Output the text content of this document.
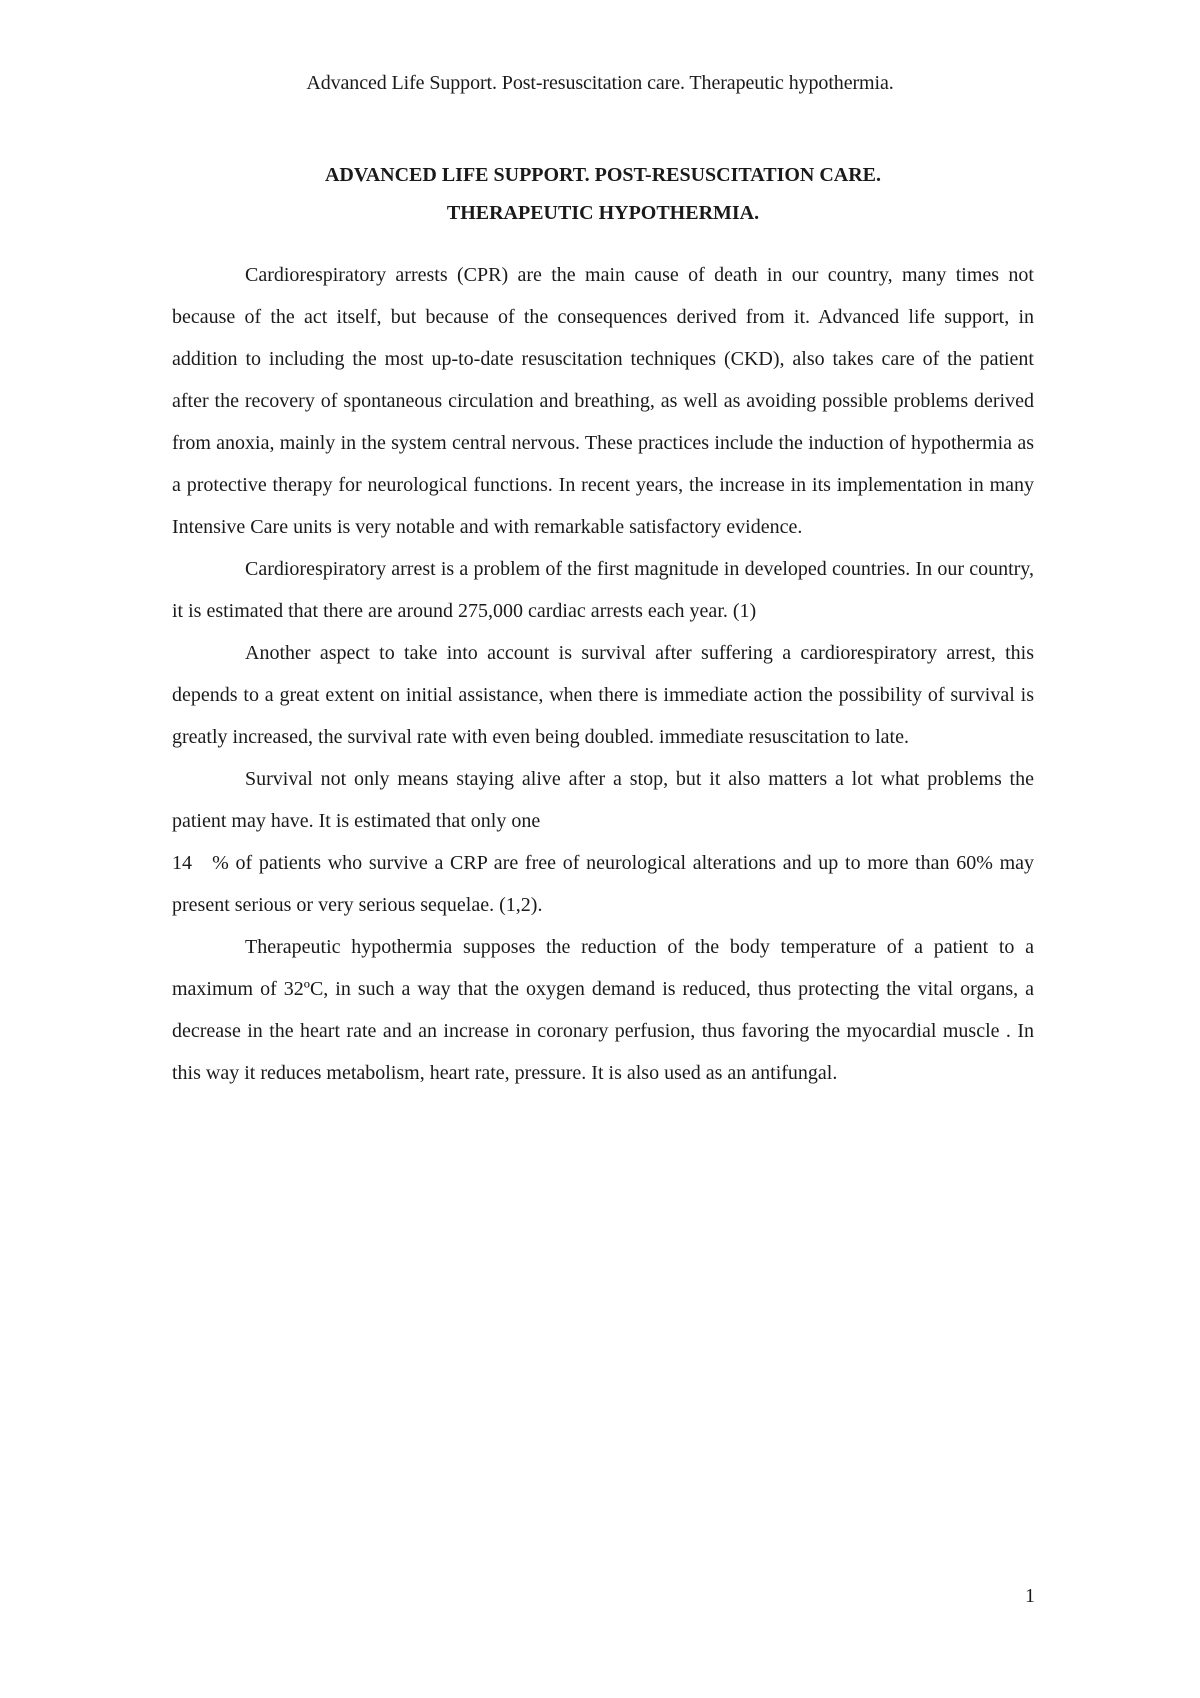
Advanced Life Support. Post-resuscitation care. Therapeutic hypothermia.
ADVANCED LIFE SUPPORT. POST-RESUSCITATION CARE.
THERAPEUTIC HYPOTHERMIA.

Cardiorespiratory arrests (CPR) are the main cause of death in our country, many times not because of the act itself, but because of the consequences derived from it. Advanced life support, in addition to including the most up-to-date resuscitation techniques (CKD), also takes care of the patient after the recovery of spontaneous circulation and breathing, as well as avoiding possible problems derived from anoxia, mainly in the system central nervous. These practices include the induction of hypothermia as a protective therapy for neurological functions. In recent years, the increase in its implementation in many Intensive Care units is very notable and with remarkable satisfactory evidence.

Cardiorespiratory arrest is a problem of the first magnitude in developed countries. In our country, it is estimated that there are around 275,000 cardiac arrests each year. (1)

Another aspect to take into account is survival after suffering a cardiorespiratory arrest, this depends to a great extent on initial assistance, when there is immediate action the possibility of survival is greatly increased, the survival rate with even being doubled. immediate resuscitation to late.

Survival not only means staying alive after a stop, but it also matters a lot what problems the patient may have. It is estimated that only one

14   % of patients who survive a CRP are free of neurological alterations and up to more than 60% may present serious or very serious sequelae. (1,2).

Therapeutic hypothermia supposes the reduction of the body temperature of a patient to a maximum of 32ºC, in such a way that the oxygen demand is reduced, thus protecting the vital organs, a decrease in the heart rate and an increase in coronary perfusion, thus favoring the myocardial muscle . In this way it reduces metabolism, heart rate, pressure. It is also used as an antifungal.

1
